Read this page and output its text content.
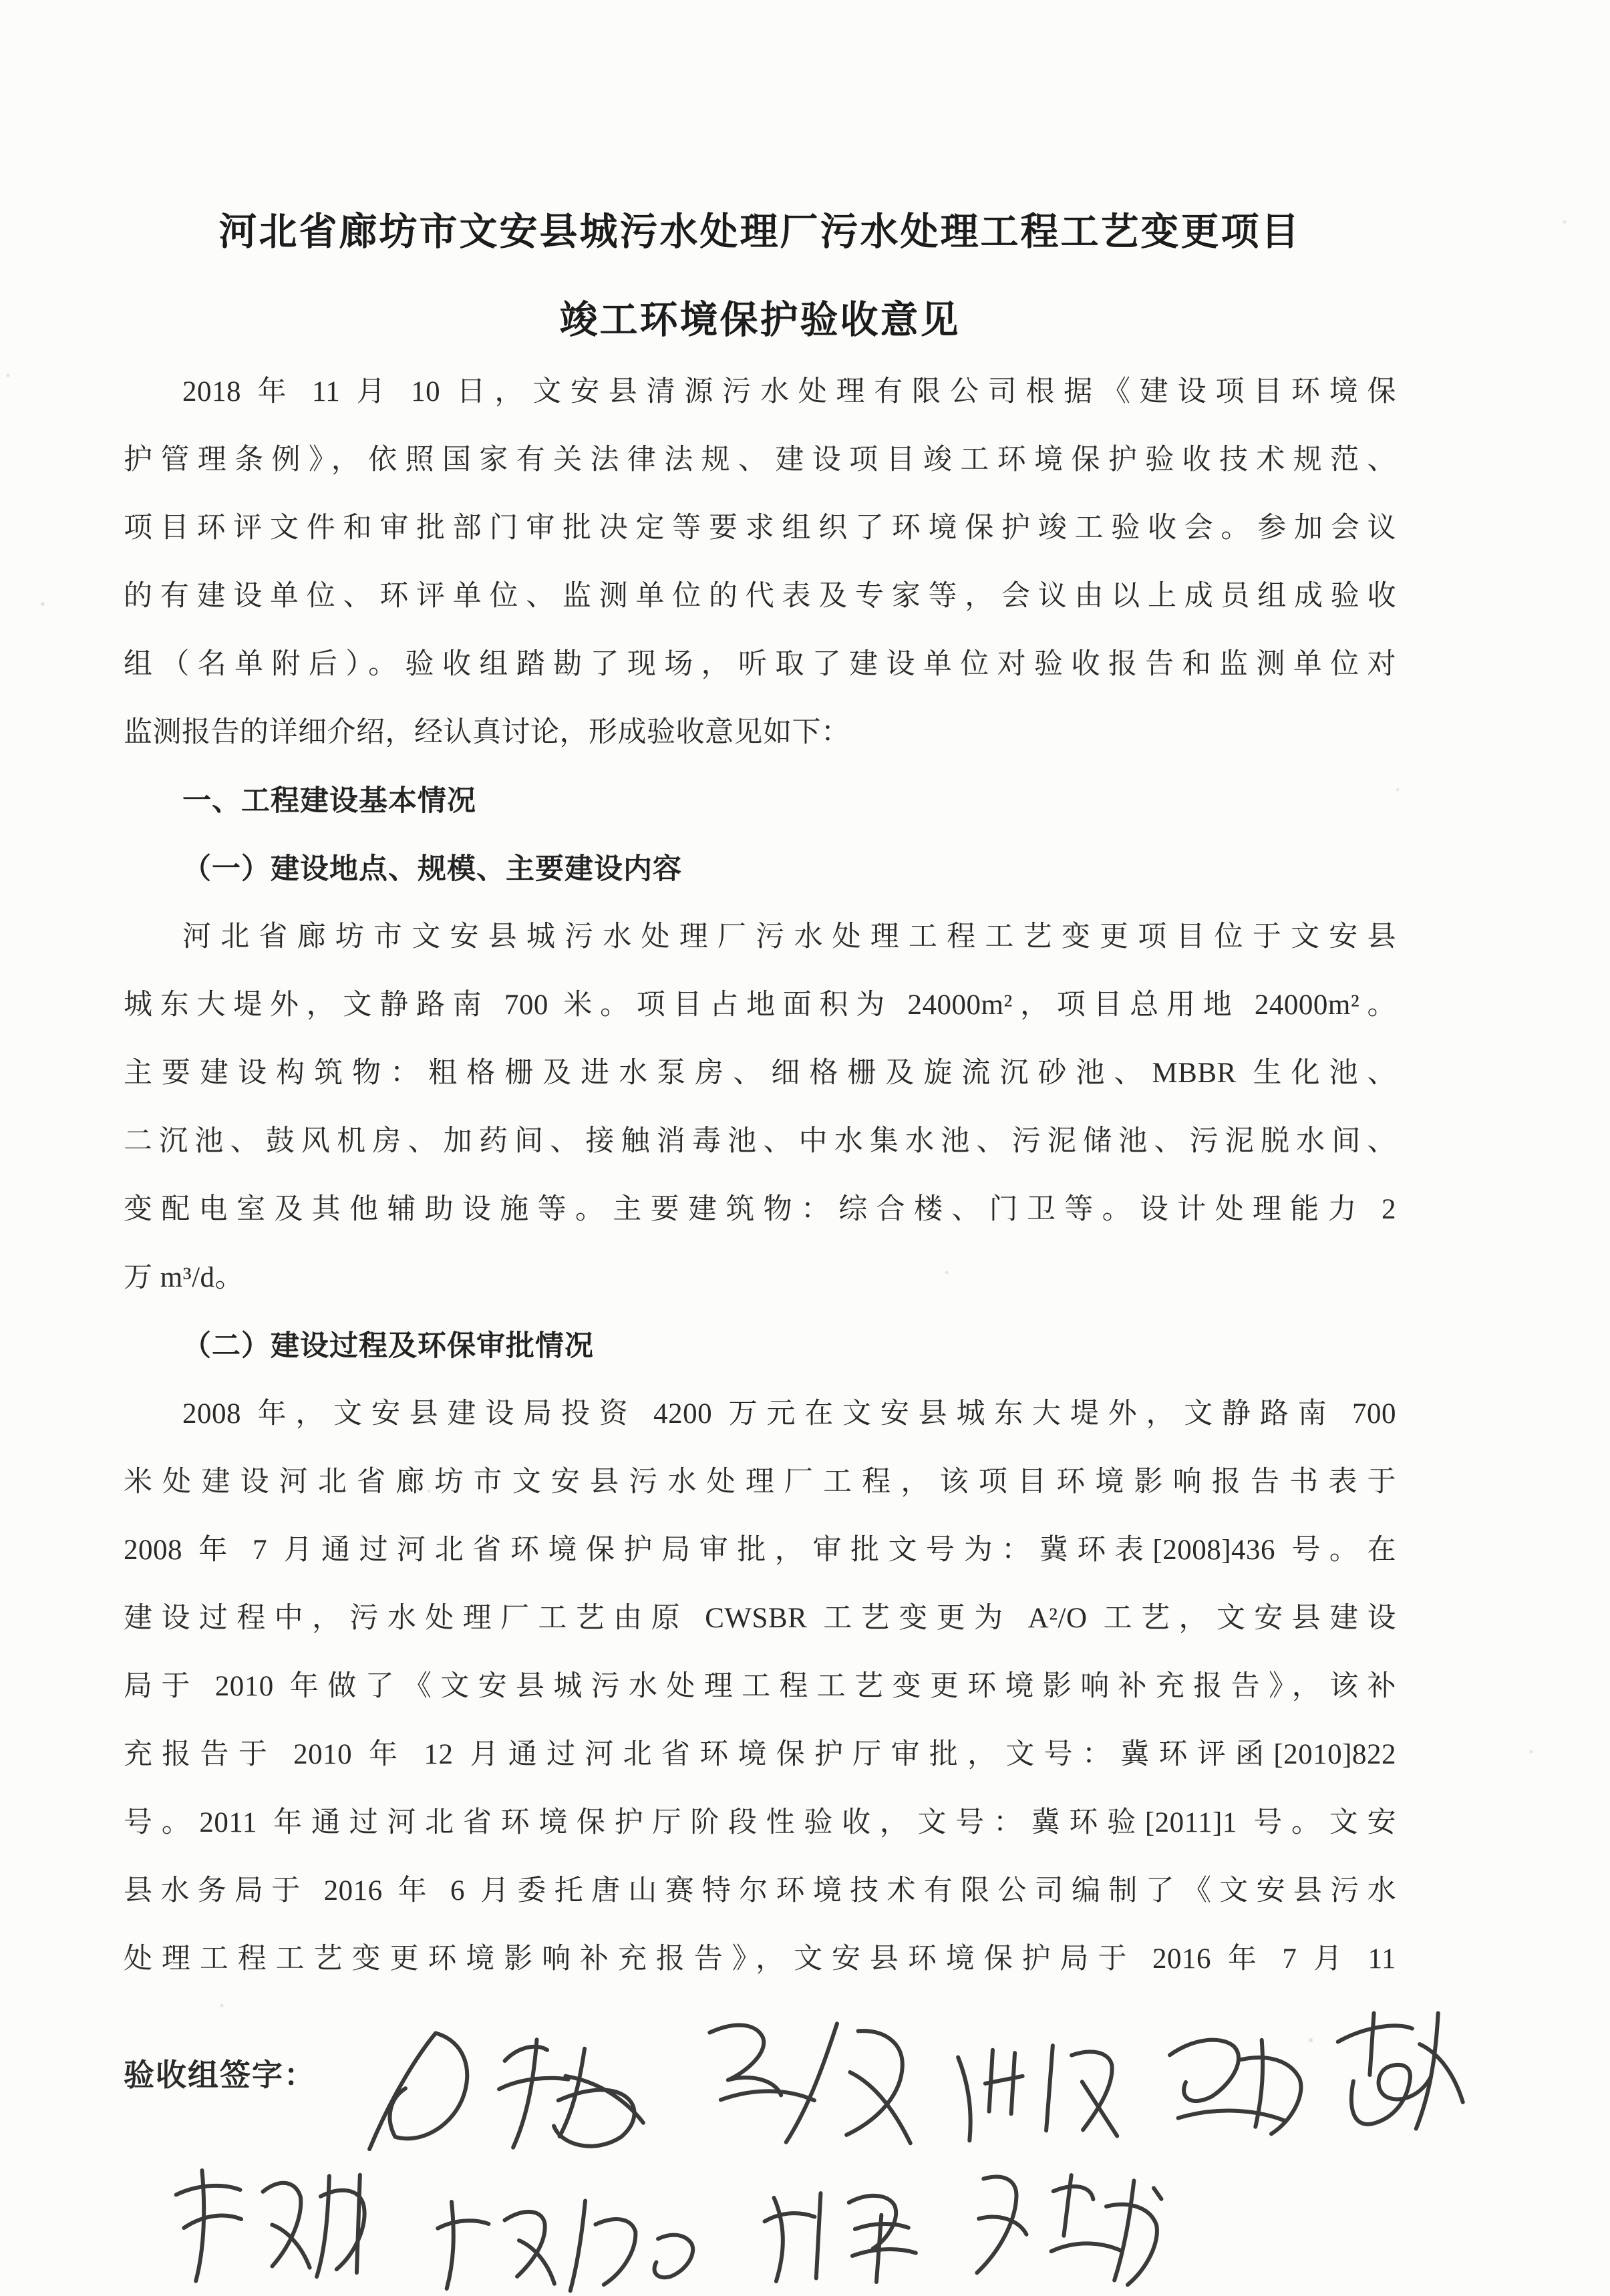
河北省廊坊市文安县城污水处理厂污水处理工程工艺变更项目
竣工环境保护验收意见
2018 年 11 月 10 日，文安县清源污水处理有限公司根据《建设项目环境保
护管理条例》，依照国家有关法律法规、建设项目竣工环境保护验收技术规范、
项目环评文件和审批部门审批决定等要求组织了环境保护竣工验收会。参加会议
的有建设单位、环评单位、监测单位的代表及专家等，会议由以上成员组成验收
组（名单附后）。验收组踏勘了现场，听取了建设单位对验收报告和监测单位对
监测报告的详细介绍，经认真讨论，形成验收意见如下：
一、工程建设基本情况
（一）建设地点、规模、主要建设内容
河北省廊坊市文安县城污水处理厂污水处理工程工艺变更项目位于文安县
城东大堤外，文静路南 700 米。项目占地面积为 24000m²，项目总用地 24000m²。
主要建设构筑物：粗格栅及进水泵房、细格栅及旋流沉砂池、MBBR 生化池、
二沉池、鼓风机房、加药间、接触消毒池、中水集水池、污泥储池、污泥脱水间、
变配电室及其他辅助设施等。主要建筑物：综合楼、门卫等。设计处理能力 2
万 m³/d。
（二）建设过程及环保审批情况
2008 年，文安县建设局投资 4200 万元在文安县城东大堤外，文静路南 700
米处建设河北省廊坊市文安县污水处理厂工程，该项目环境影响报告书表于
2008 年 7 月通过河北省环境保护局审批，审批文号为：冀环表[2008]436 号。在
建设过程中，污水处理厂工艺由原 CWSBR 工艺变更为 A²/O 工艺，文安县建设
局于 2010 年做了《文安县城污水处理工程工艺变更环境影响补充报告》，该补
充报告于 2010 年 12 月通过河北省环境保护厅审批，文号：冀环评函[2010]822
号。2011 年通过河北省环境保护厅阶段性验收，文号：冀环验[2011]1 号。文安
县水务局于 2016 年 6 月委托唐山赛特尔环境技术有限公司编制了《文安县污水
处理工程工艺变更环境影响补充报告》，文安县环境保护局于 2016 年 7 月 11
验收组签字：
